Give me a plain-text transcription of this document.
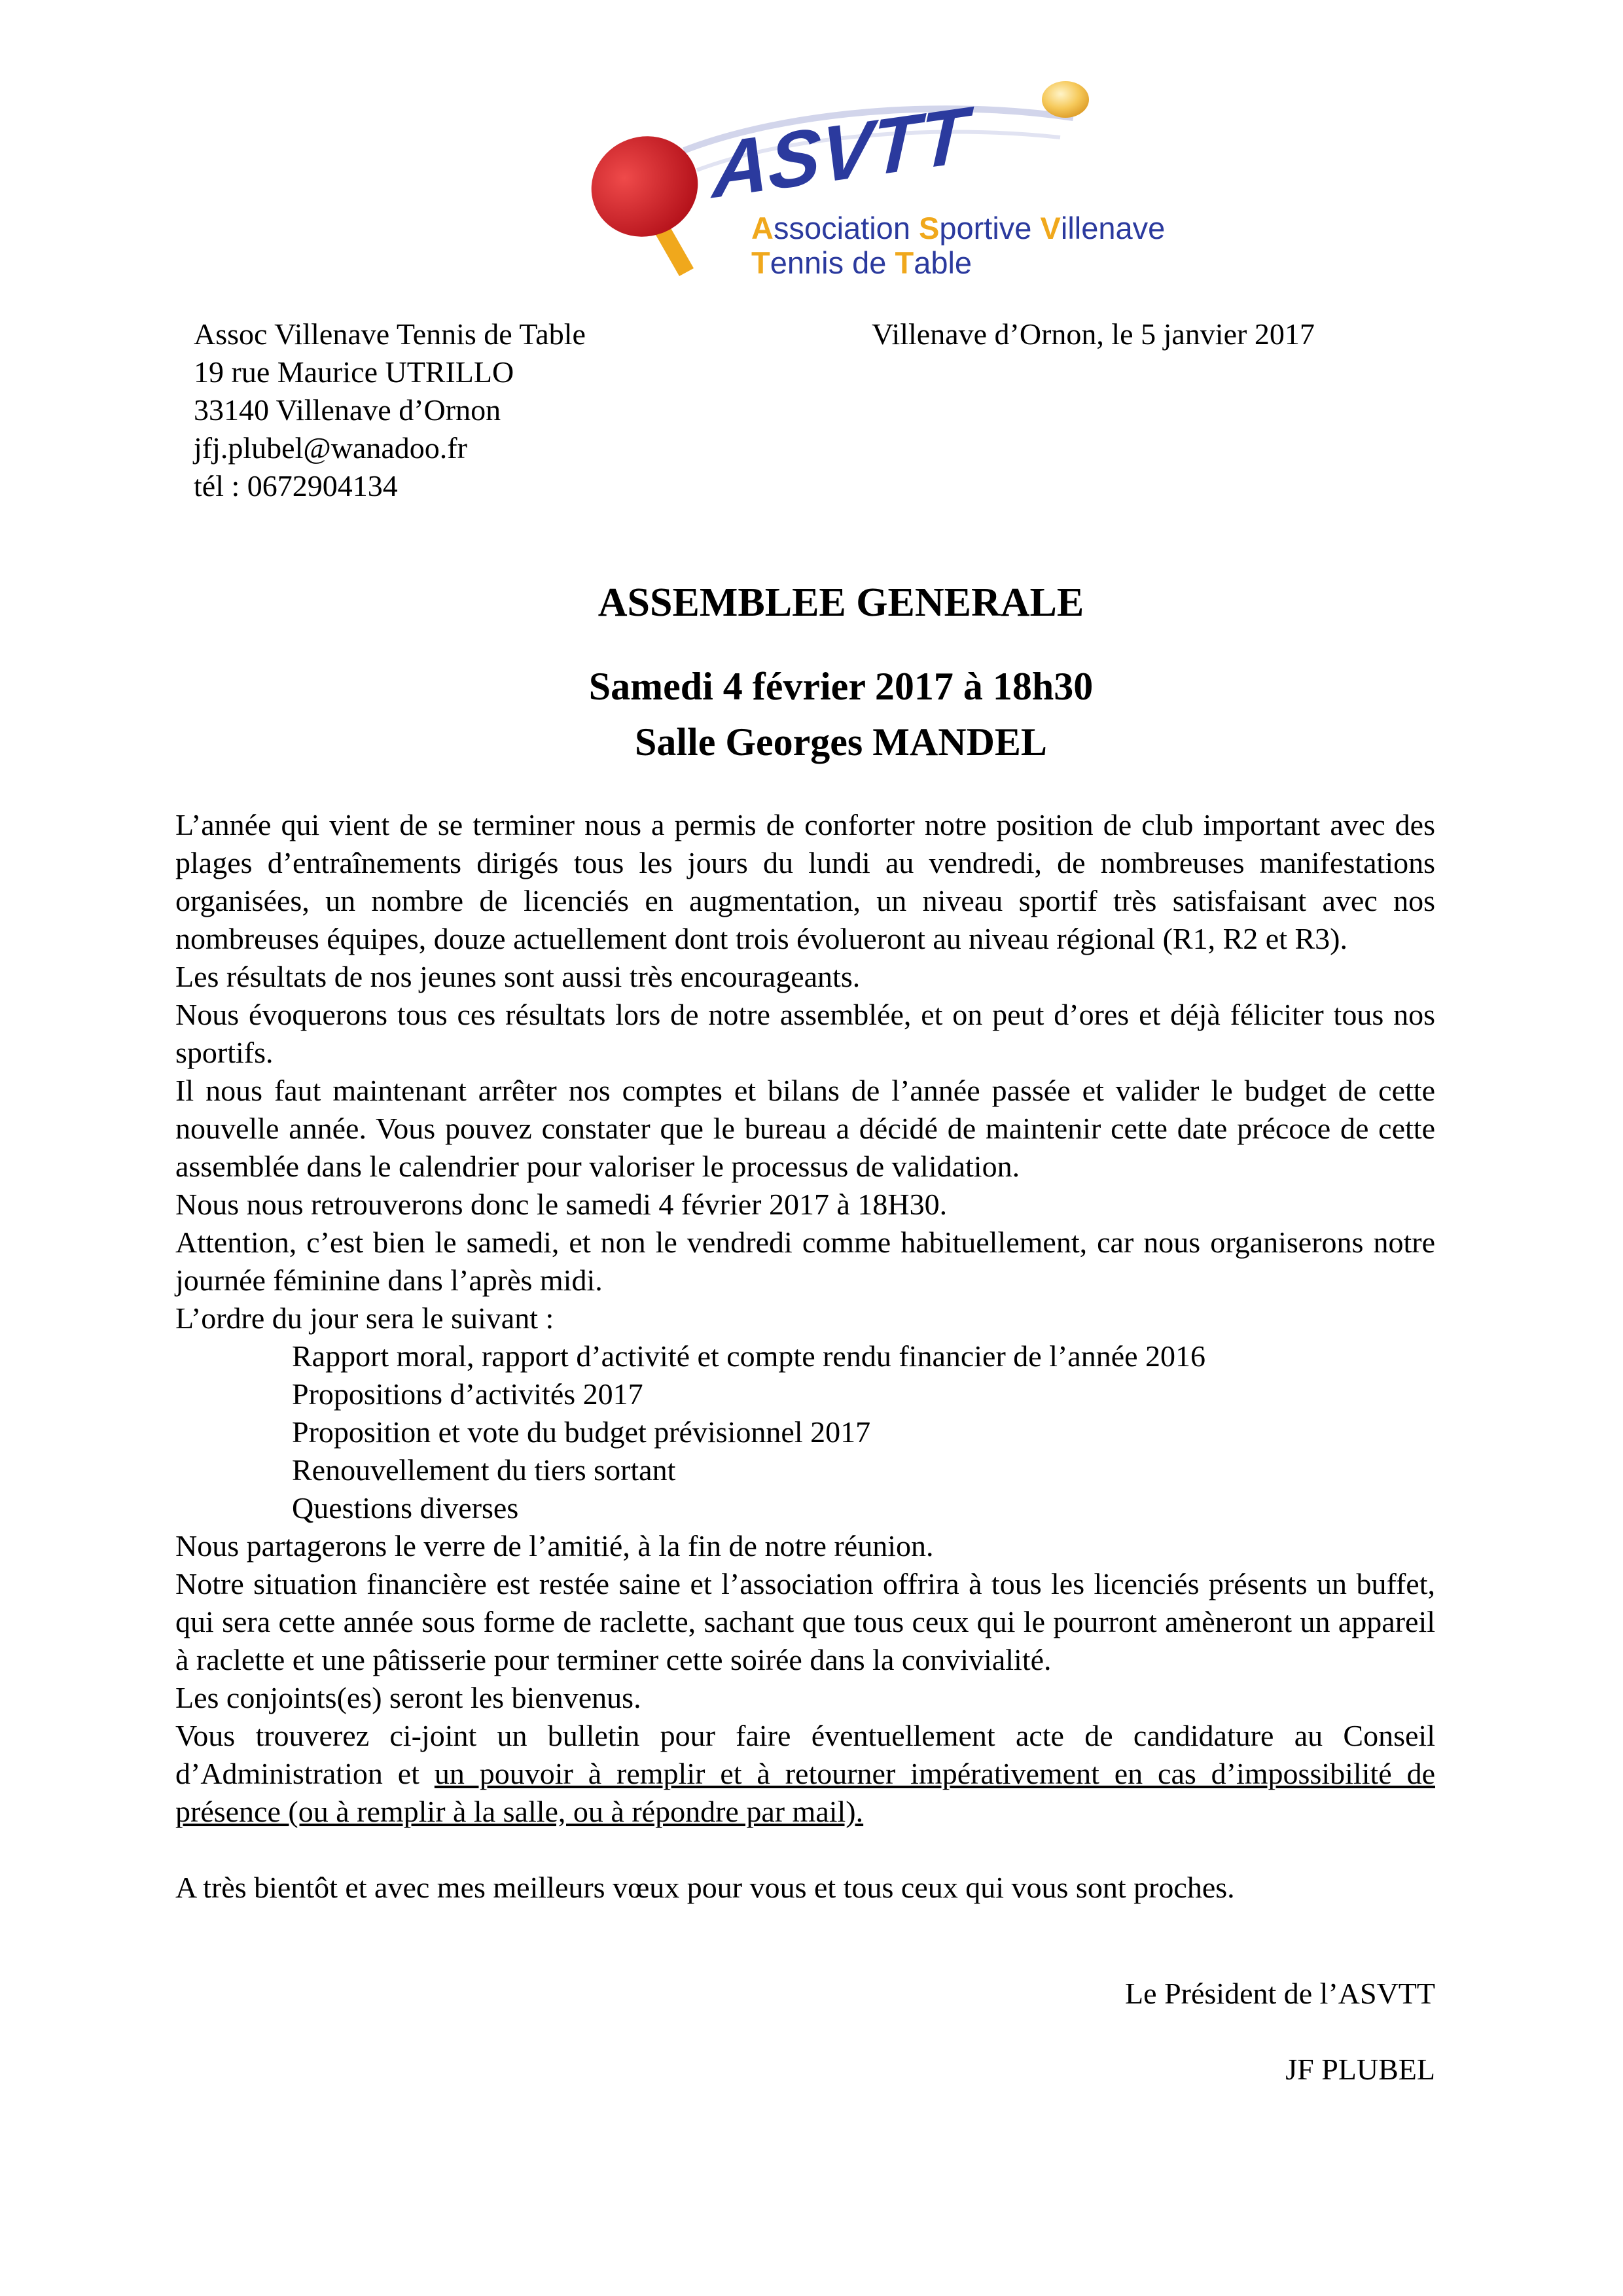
ASVTT
Association Sportive Villenave
Tennis de Table
Assoc Villenave Tennis de Table
19 rue Maurice UTRILLO
33140 Villenave d’Ornon
jfj.plubel@wanadoo.fr
tél : 0672904134
Villenave d’Ornon, le 5 janvier 2017
ASSEMBLEE GENERALE
Samedi 4 février 2017 à 18h30
Salle Georges MANDEL
L’année qui vient de se terminer nous a permis de conforter notre position de club important avec des plages d’entraînements dirigés tous les jours du lundi au vendredi, de nombreuses manifestations organisées, un nombre de licenciés en augmentation, un niveau sportif très satisfaisant avec nos nombreuses équipes, douze actuellement dont trois évolueront au niveau régional (R1, R2 et R3).
Les résultats de nos jeunes sont aussi très encourageants.
Nous évoquerons tous ces résultats lors de notre assemblée, et on peut d’ores et déjà féliciter tous nos sportifs.
Il nous faut maintenant arrêter nos comptes et bilans de l’année passée et valider le budget de cette nouvelle année. Vous pouvez constater que le bureau a décidé de maintenir cette date précoce de cette assemblée dans le calendrier pour valoriser le processus de validation.
Nous nous retrouverons donc le samedi 4 février 2017 à 18H30.
Attention, c’est bien le samedi, et non le vendredi comme habituellement, car nous organiserons notre journée féminine dans l’après midi.
L’ordre du jour sera le suivant :
Rapport moral, rapport d’activité et compte rendu financier de l’année 2016
Propositions d’activités 2017
Proposition et vote du budget prévisionnel 2017
Renouvellement du tiers sortant
Questions diverses
Nous partagerons le verre de l’amitié, à la fin de notre réunion.
Notre situation financière est restée saine et l’association offrira à tous les licenciés présents un buffet, qui sera cette année sous forme de raclette, sachant que tous ceux qui le pourront amèneront un appareil à raclette et une pâtisserie pour terminer cette soirée dans la convivialité.
Les conjoints(es) seront les bienvenus.
Vous trouverez ci-joint un bulletin pour faire éventuellement acte de candidature au Conseil d’Administration et un pouvoir à remplir et à retourner impérativement en cas d’impossibilité de présence (ou à remplir à la salle, ou à répondre par mail).
A très bientôt et avec mes meilleurs vœux pour vous et tous ceux qui vous sont proches.
Le Président de l’ASVTT
JF PLUBEL
